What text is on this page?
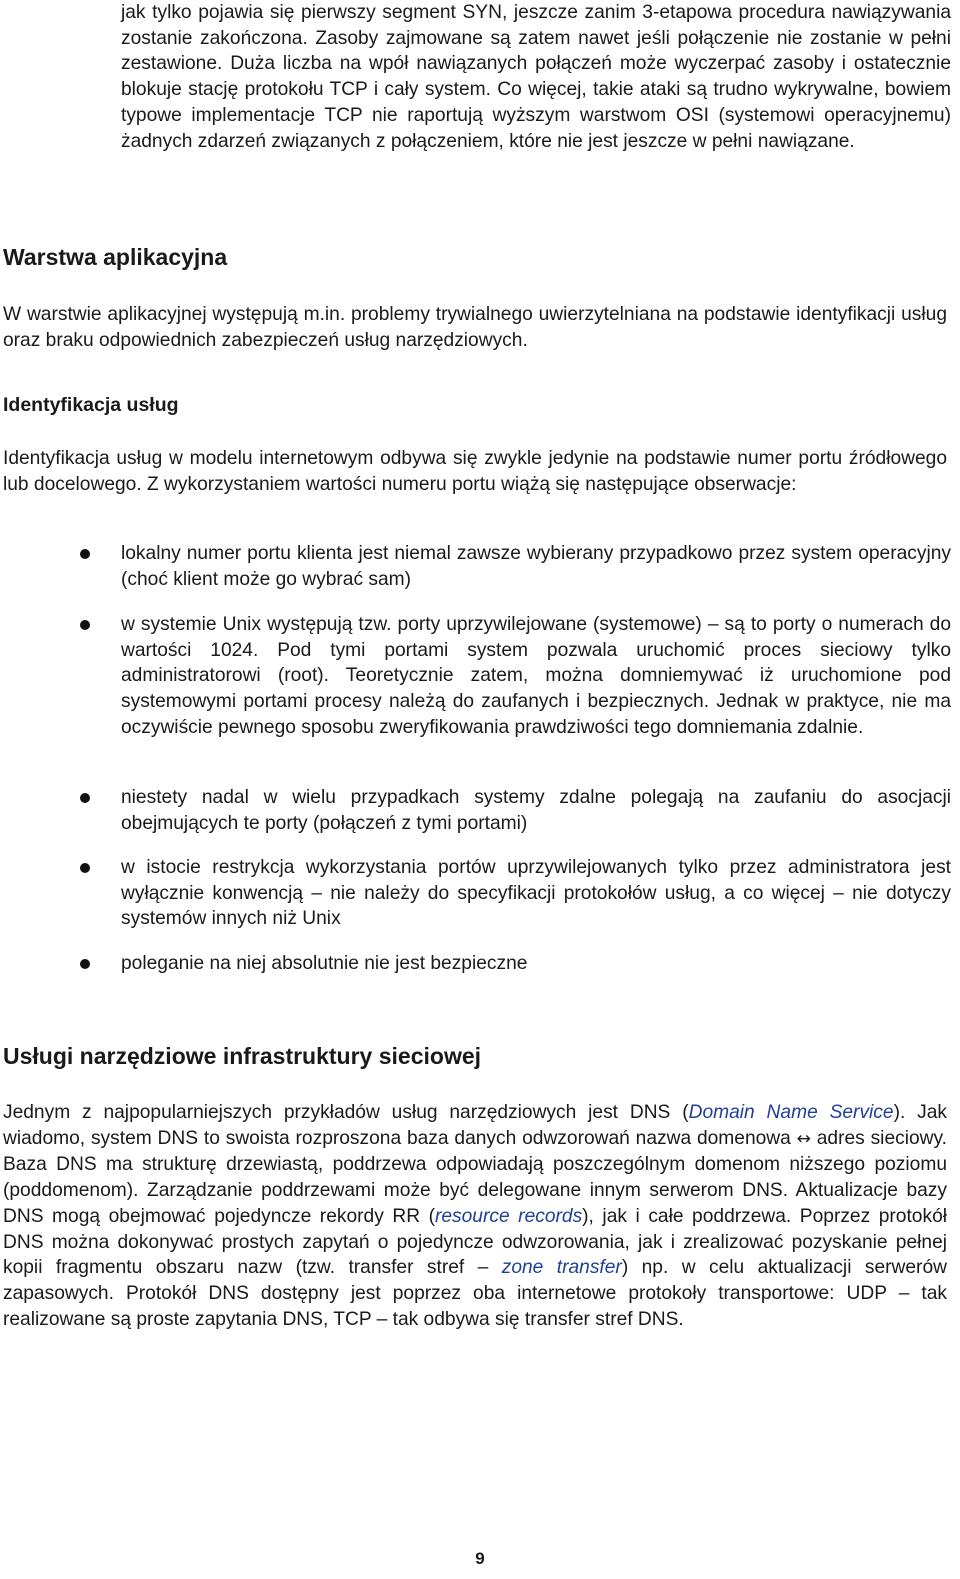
jak tylko pojawia się pierwszy segment SYN, jeszcze zanim 3-etapowa procedura nawiązywania zostanie zakończona. Zasoby zajmowane są zatem nawet jeśli połączenie nie zostanie w pełni zestawione. Duża liczba na wpół nawiązanych połączeń może wyczerpać zasoby i ostatecznie blokuje stację protokołu TCP i cały system. Co więcej, takie ataki są trudno wykrywalne, bowiem typowe implementacje TCP nie raportują wyższym warstwom OSI (systemowi operacyjnemu) żadnych zdarzeń związanych z połączeniem, które nie jest jeszcze w pełni nawiązane.

Warstwa aplikacyjna

W warstwie aplikacyjnej występują m.in. problemy trywialnego uwierzytelniana na podstawie identyfikacji usług oraz braku odpowiednich zabezpieczeń usług narzędziowych.

Identyfikacja usług

Identyfikacja usług w modelu internetowym odbywa się zwykle jedynie na podstawie numer portu źródłowego lub docelowego. Z wykorzystaniem wartości numeru portu wiążą się następujące obserwacje:

lokalny numer portu klienta jest niemal zawsze wybierany przypadkowo przez system operacyjny (choć klient może go wybrać sam)

w systemie Unix występują tzw. porty uprzywilejowane (systemowe) – są to porty o numerach do wartości 1024. Pod tymi portami system pozwala uruchomić proces sieciowy tylko administratorowi (root). Teoretycznie zatem, można domniemywać iż uruchomione pod systemowymi portami procesy należą do zaufanych i bezpiecznych. Jednak w praktyce, nie ma oczywiście pewnego sposobu zweryfikowania prawdziwości tego domniemania zdalnie.

niestety nadal w wielu przypadkach systemy zdalne polegają na zaufaniu do asocjacji obejmujących te porty (połączeń z tymi portami)

w istocie restrykcja wykorzystania portów uprzywilejowanych tylko przez administratora jest wyłącznie konwencją – nie należy do specyfikacji protokołów usług, a co więcej – nie dotyczy systemów innych niż Unix

poleganie na niej absolutnie nie jest bezpieczne

Usługi narzędziowe infrastruktury sieciowej

Jednym z najpopularniejszych przykładów usług narzędziowych jest DNS (Domain Name Service). Jak wiadomo, system DNS to swoista rozproszona baza danych odwzorowań nazwa domenowa ↔ adres sieciowy. Baza DNS ma strukturę drzewiastą, poddrzewa odpowiadają poszczególnym domenom niższego poziomu (poddomenom). Zarządzanie poddrzewami może być delegowane innym serwerom DNS. Aktualizacje bazy DNS mogą obejmować pojedyncze rekordy RR (resource records), jak i całe poddrzewa. Poprzez protokół DNS można dokonywać prostych zapytań o pojedyncze odwzorowania, jak i zrealizować pozyskanie pełnej kopii fragmentu obszaru nazw (tzw. transfer stref – zone transfer) np. w celu aktualizacji serwerów zapasowych. Protokół DNS dostępny jest poprzez oba internetowe protokoły transportowe: UDP – tak realizowane są proste zapytania DNS, TCP – tak odbywa się transfer stref DNS.

9
